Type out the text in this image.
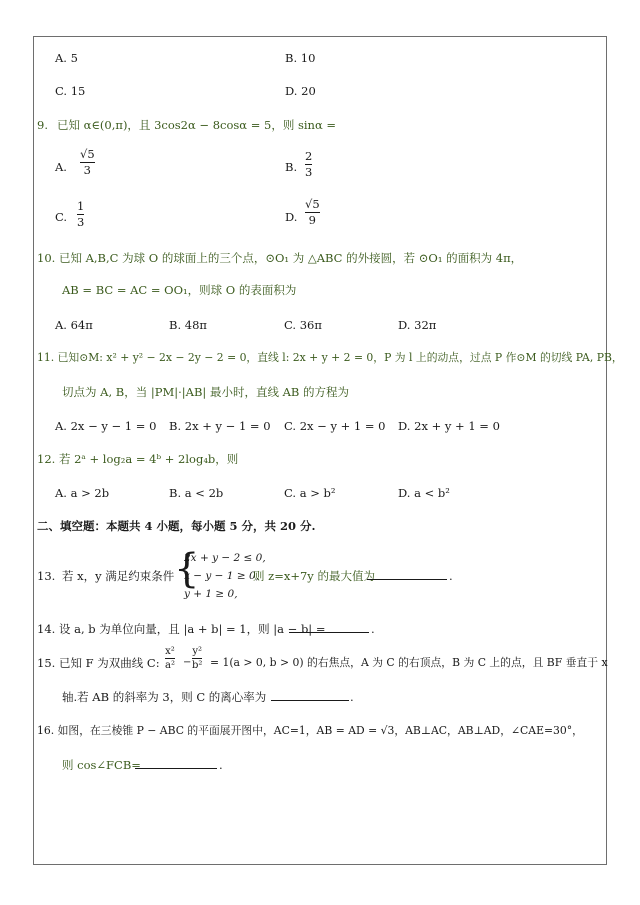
A. 5	B. 10
C. 15	D. 20
9. 已知 α∈(0,π)，且 3cos2α − 8cosα = 5，则 sinα =
A.
√5
3	B.
2
3
C.
1
3	D.
√5
9
10. 已知 A,B,C 为球 O 的球面上的三个点，⊙O₁ 为 △ABC 的外接圆，若 ⊙O₁ 的面积为 4π，
AB = BC = AC = OO₁，则球 O 的表面积为
A. 64π	B. 48π	C. 36π	D. 32π
11. 已知⊙M: x² + y² − 2x − 2y − 2 = 0，直线 l: 2x + y + 2 = 0，P 为 l 上的动点，过点 P 作⊙M 的切线 PA, PB，
切点为 A, B，当 |PM|·|AB| 最小时，直线 AB 的方程为
A. 2x − y − 1 = 0 B. 2x + y − 1 = 0 C. 2x − y + 1 = 0 D. 2x + y + 1 = 0
12. 若 2ᵃ + log₂a = 4ᵇ + 2log₄b，则
A. a > 2b	B. a < 2b	C. a > b²	D. a < b²
二、填空题：本题共 4 小题，每小题 5 分，共 20 分.
13. 若 x，y 满足约束条件 {
2x + y − 2 ≤ 0,
x − y − 1 ≥ 0,
y + 1 ≥ 0,
则 z=x+7y 的最大值为	.
14. 设 a, b 为单位向量，且 |a + b| = 1，则 |a − b| =	.
15. 已知 F 为双曲线 C:
x²
a² −
y²
b² = 1(a > 0, b > 0) 的右焦点，A 为 C 的右顶点，B 为 C 上的点，且 BF 垂直于 x
轴.若 AB 的斜率为 3，则 C 的离心率为	.
16. 如图，在三棱锥 P − ABC 的平面展开图中，AC=1，AB = AD = √3，AB⊥AC，AB⊥AD，∠CAE=30°，
则 cos∠FCB=	.
